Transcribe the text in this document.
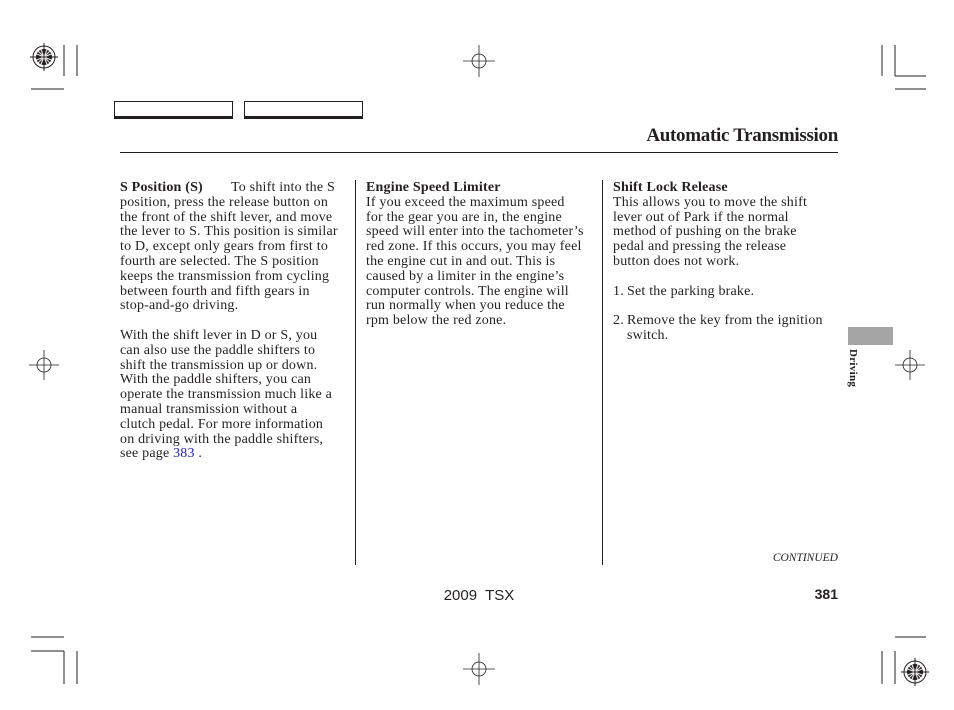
Automatic Transmission
S Position (S) To shift into the S
position, press the release button on
the front of the shift lever, and move
the lever to S. This position is similar
to D, except only gears from first to
fourth are selected. The S position
keeps the transmission from cycling
between fourth and fifth gears in
stop-and-go driving.
With the shift lever in D or S, you
can also use the paddle shifters to
shift the transmission up or down.
With the paddle shifters, you can
operate the transmission much like a
manual transmission without a
clutch pedal. For more information
on driving with the paddle shifters,
see page 383 .
Engine Speed Limiter
If you exceed the maximum speed
for the gear you are in, the engine
speed will enter into the tachometer’s
red zone. If this occurs, you may feel
the engine cut in and out. This is
caused by a limiter in the engine’s
computer controls. The engine will
run normally when you reduce the
rpm below the red zone.
Shift Lock Release
This allows you to move the shift
lever out of Park if the normal
method of pushing on the brake
pedal and pressing the release
button does not work.
1. Set the parking brake.
2. Remove the key from the ignition
switch.
Driving
CONTINUED
2009  TSX	381
